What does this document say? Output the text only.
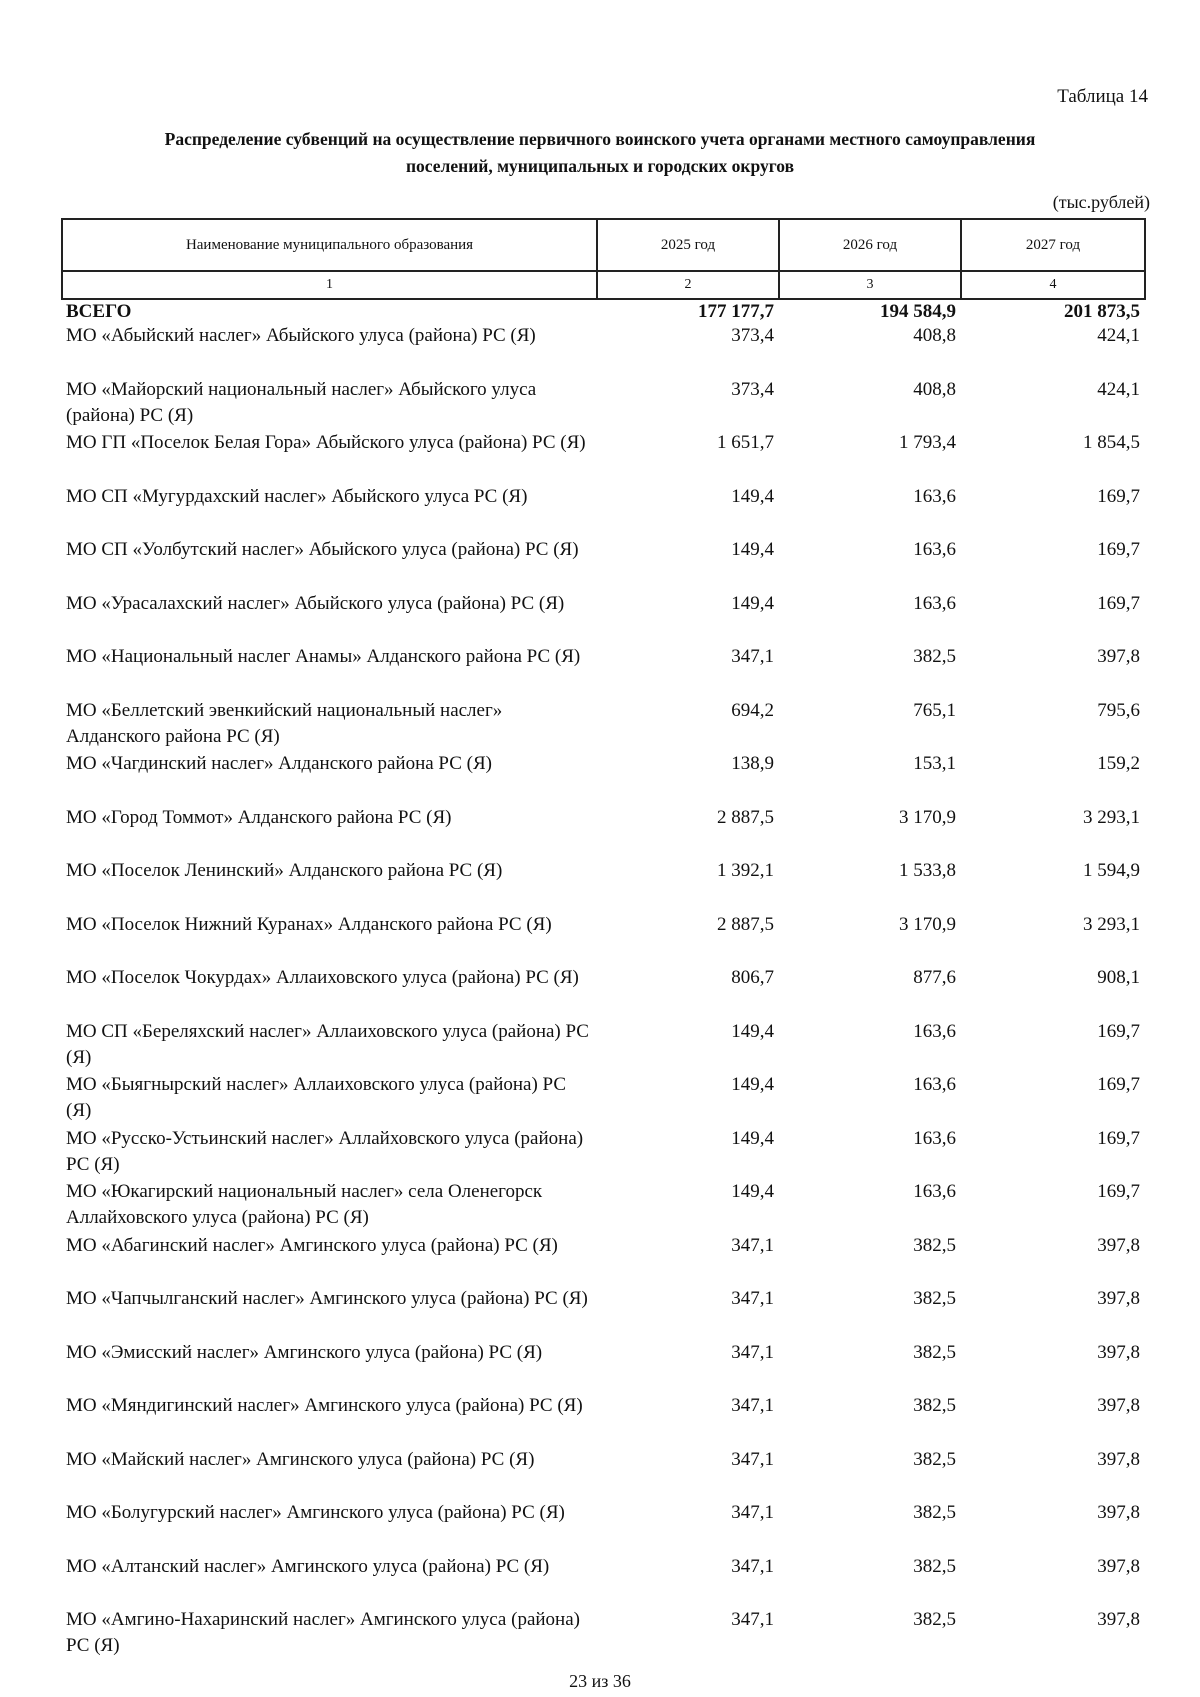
Таблица 14
Распределение субвенций на осуществление первичного воинского учета органами местного самоуправления
поселений, муниципальных и городских округов
(тыс.рублей)
Наименование муниципального образования	2025 год	2026 год	2027 год
1	2	3	4
ВСЕГО	177 177,7	194 584,9	201 873,5
МО «Абыйский наслег» Абыйского улуса (района) РС (Я)	373,4	408,8	424,1
МО «Майорский национальный наслег» Абыйского улуса (района) РС (Я)	373,4	408,8	424,1
МО ГП «Поселок Белая Гора» Абыйского улуса (района) РС (Я)	1 651,7	1 793,4	1 854,5
МО СП «Мугурдахский наслег» Абыйского улуса РС (Я)	149,4	163,6	169,7
МО СП «Уолбутский наслег» Абыйского улуса (района) РС (Я)	149,4	163,6	169,7
МО «Урасалахский наслег» Абыйского улуса (района) РС (Я)	149,4	163,6	169,7
МО «Национальный наслег Анамы» Алданского района РС (Я)	347,1	382,5	397,8
МО «Беллетский эвенкийский национальный наслег» Алданского района РС (Я)	694,2	765,1	795,6
МО «Чагдинский наслег» Алданского района РС (Я)	138,9	153,1	159,2
МО «Город Томмот» Алданского района РС (Я)	2 887,5	3 170,9	3 293,1
МО «Поселок Ленинский» Алданского района РС (Я)	1 392,1	1 533,8	1 594,9
МО «Поселок Нижний Куранах» Алданского района РС (Я)	2 887,5	3 170,9	3 293,1
МО «Поселок Чокурдах» Аллаиховского улуса (района) РС (Я)	806,7	877,6	908,1
МО СП «Береляхский наслег» Аллаиховского улуса (района) РС (Я)	149,4	163,6	169,7
МО «Быягнырский наслег» Аллаиховского улуса (района) РС (Я)	149,4	163,6	169,7
МО «Русско-Устьинский наслег» Аллайховского улуса (района) РС (Я)	149,4	163,6	169,7
МО «Юкагирский национальный наслег» села Оленегорск Аллайховского улуса (района) РС (Я)	149,4	163,6	169,7
МО «Абагинский наслег» Амгинского улуса (района) РС (Я)	347,1	382,5	397,8
МО «Чапчылганский наслег» Амгинского улуса (района) РС (Я)	347,1	382,5	397,8
МО «Эмисский наслег» Амгинского улуса (района) РС (Я)	347,1	382,5	397,8
МО «Мяндигинский наслег» Амгинского улуса (района) РС (Я)	347,1	382,5	397,8
МО «Майский наслег» Амгинского улуса (района) РС (Я)	347,1	382,5	397,8
МО «Болугурский наслег» Амгинского улуса (района) РС (Я)	347,1	382,5	397,8
МО «Алтанский наслег» Амгинского улуса (района) РС (Я)	347,1	382,5	397,8
МО «Амгино-Нахаринский наслег» Амгинского улуса (района) РС (Я)	347,1	382,5	397,8
23 из 36
